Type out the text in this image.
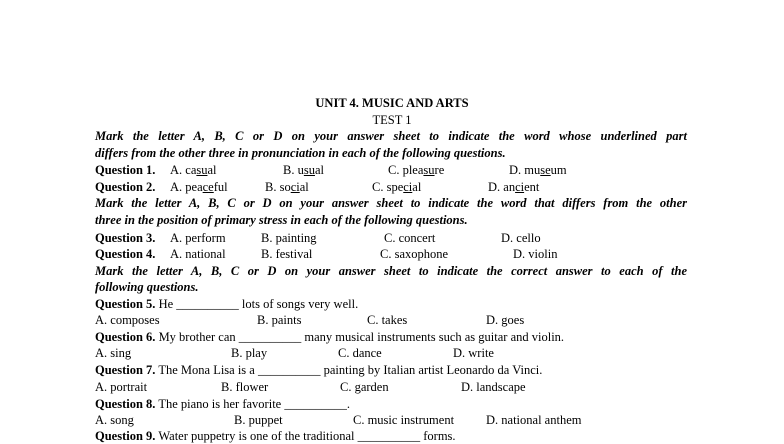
UNIT 4. MUSIC AND ARTS
TEST 1
Mark the letter A, B, C or D on your answer sheet to indicate the word whose underlined part
differs from the other three in pronunciation in each of the following questions.
Question 1. A. casual	B. usual	C. pleasure	D. museum
Question 2. A. peaceful	B. social	C. special	D. ancient
Mark the letter A, B, C or D on your answer sheet to indicate the word that differs from the other
three in the position of primary stress in each of the following questions.
Question 3. A. perform	B. painting	C. concert	D. cello
Question 4. A. national	B. festival	C. saxophone	D. violin
Mark the letter A, B, C or D on your answer sheet to indicate the correct answer to each of the
following questions.
Question 5. He __________ lots of songs very well.
A. composes	B. paints	C. takes	D. goes
Question 6. My brother can __________ many musical instruments such as guitar and violin.
A. sing	B. play	C. dance	D. write
Question 7. The Mona Lisa is a __________ painting by Italian artist Leonardo da Vinci.
A. portrait	B. flower	C. garden	D. landscape
Question 8. The piano is her favorite __________.
A. song	B. puppet	C. music instrument	D. national anthem
Question 9. Water puppetry is one of the traditional __________ forms.
